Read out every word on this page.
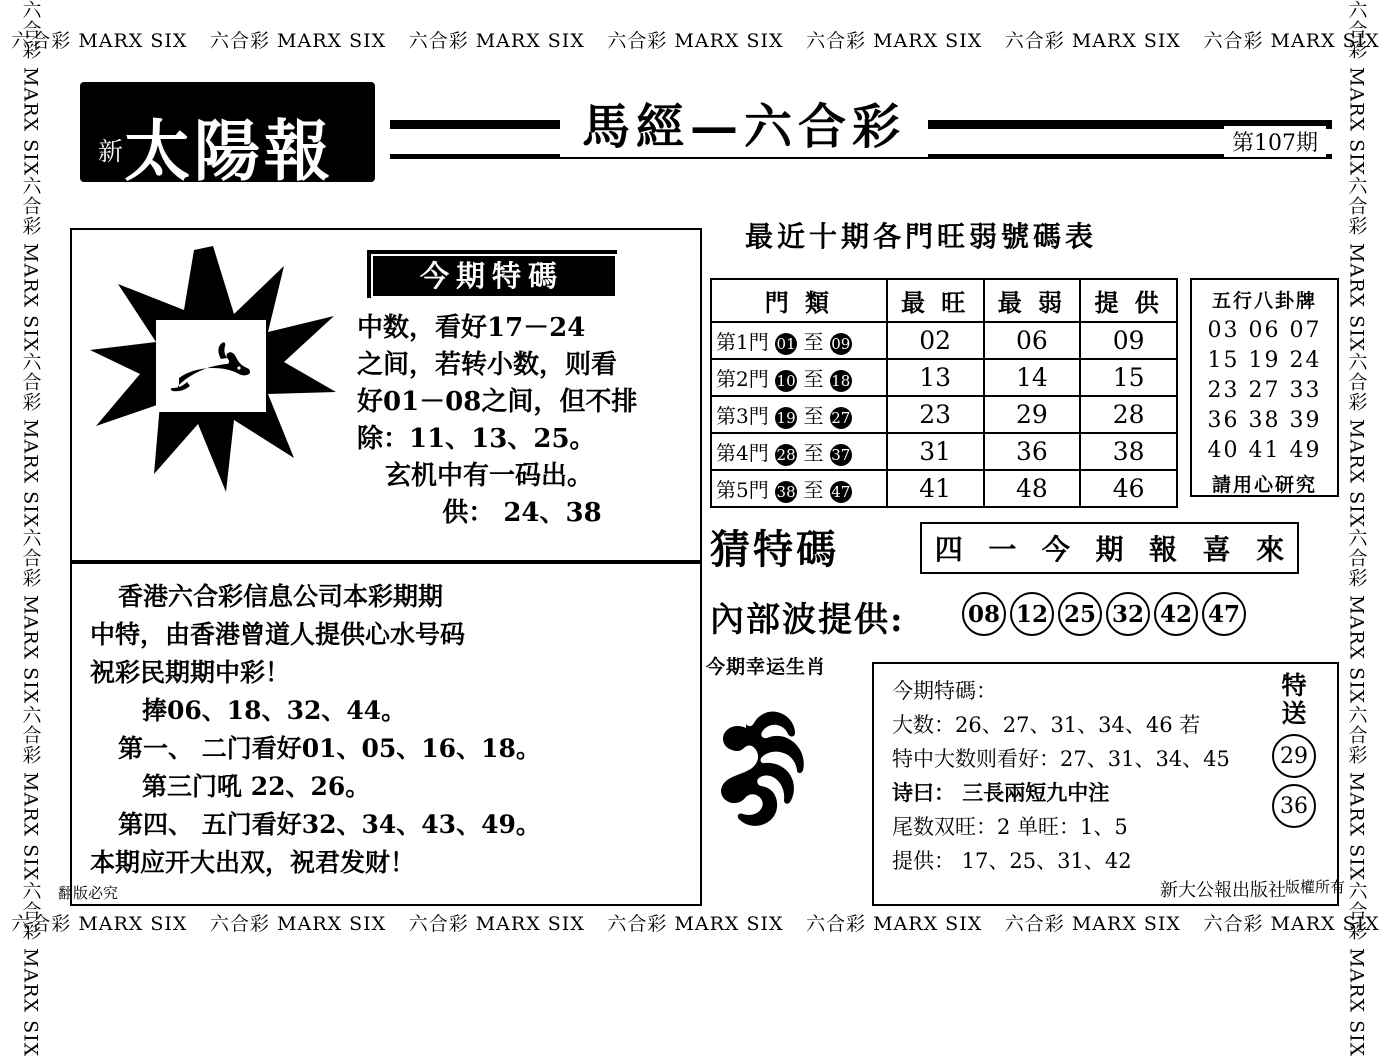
六合彩 MARX SIX 六合彩 MARX SIX 六合彩 MARX SIX 六合彩 MARX SIX 六合彩 MARX SIX 六合彩 MARX SIX 六合彩 MARX SIX
六合彩 MARX SIX 六合彩 MARX SIX 六合彩 MARX SIX 六合彩 MARX SIX 六合彩 MARX SIX 六合彩 MARX SIX 六合彩 MARX SIX
六合彩 MARX SIX
六合彩 MARX SIX
六合彩 MARX SIX
六合彩 MARX SIX
六合彩 MARX SIX
六合彩 MARX SIX
六合彩 MARX SIX
六合彩 MARX SIX
六合彩 MARX SIX
六合彩 MARX SIX
六合彩 MARX SIX
六合彩 MARX SIX
新 太陽報	馬經—六合彩	第107期
今期特碼
中数，看好17－24
之间，若转小数，则看
好01－08之间，但不排
除：11、13、25。
玄机中有一码出。
供： 24、38
香港六合彩信息公司本彩期期
中特，由香港曾道人提供心水号码
祝彩民期期中彩！
捧06、18、32、44。
第一、 二门看好01、05、16、18。
第三门吼 22、26。
第四、 五门看好32、34、43、49。
本期应开大出双，祝君发财！
最近十期各門旺弱號碼表
門 類	最 旺	最 弱	提 供
第1門 01 至 09	02	06	09
第2門 10 至 18	13	14	15
第3門 19 至 27	23	29	28
第4門 28 至 37	31	36	38
第5門 38 至 47	41	48	46
五行八卦牌
03 06 07
15 19 24
23 27 33
36 38 39
40 41 49
請用心研究
猜特碼	四 一 今 期 報 喜 來
內部波提供:	08 12 25 32 42 47
今期幸运生肖
今期特碼：
大数：26、27、31、34、46 若
特中大数则看好：27、31、34、45
诗曰： 三長兩短九中注
尾数双旺：2 单旺：1、5
提供： 17、25、31、42
特
送
29
36
新大公報出版社 版權所有
翻版必究
